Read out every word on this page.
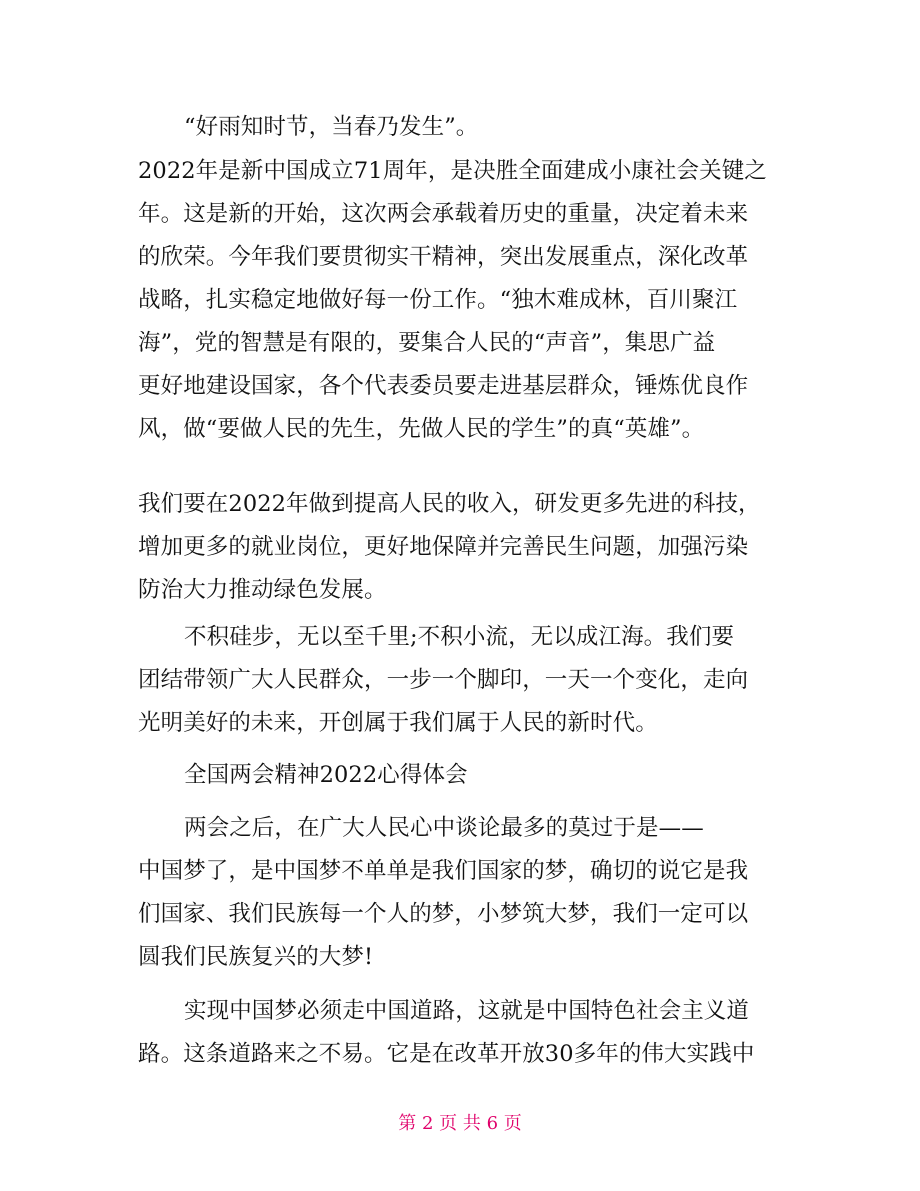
“好雨知时节，当春乃发生”。
2022年是新中国成立71周年，是决胜全面建成小康社会关键之
年。这是新的开始，这次两会承载着历史的重量，决定着未来
的欣荣。今年我们要贯彻实干精神，突出发展重点，深化改革
战略，扎实稳定地做好每一份工作。“独木难成林，百川聚江
海”，党的智慧是有限的，要集合人民的“声音”，集思广益
更好地建设国家，各个代表委员要走进基层群众，锤炼优良作
风，做“要做人民的先生，先做人民的学生”的真“英雄”。
我们要在2022年做到提高人民的收入，研发更多先进的科技，
增加更多的就业岗位，更好地保障并完善民生问题，加强污染
防治大力推动绿色发展。
不积硅步，无以至千里;不积小流，无以成江海。我们要
团结带领广大人民群众，一步一个脚印，一天一个变化，走向
光明美好的未来，开创属于我们属于人民的新时代。
全国两会精神2022心得体会
两会之后，在广大人民心中谈论最多的莫过于是——
中国梦了，是中国梦不单单是我们国家的梦，确切的说它是我
们国家、我们民族每一个人的梦，小梦筑大梦，我们一定可以
圆我们民族复兴的大梦!
实现中国梦必须走中国道路，这就是中国特色社会主义道
路。这条道路来之不易。它是在改革开放30多年的伟大实践中
第 2 页 共 6 页
